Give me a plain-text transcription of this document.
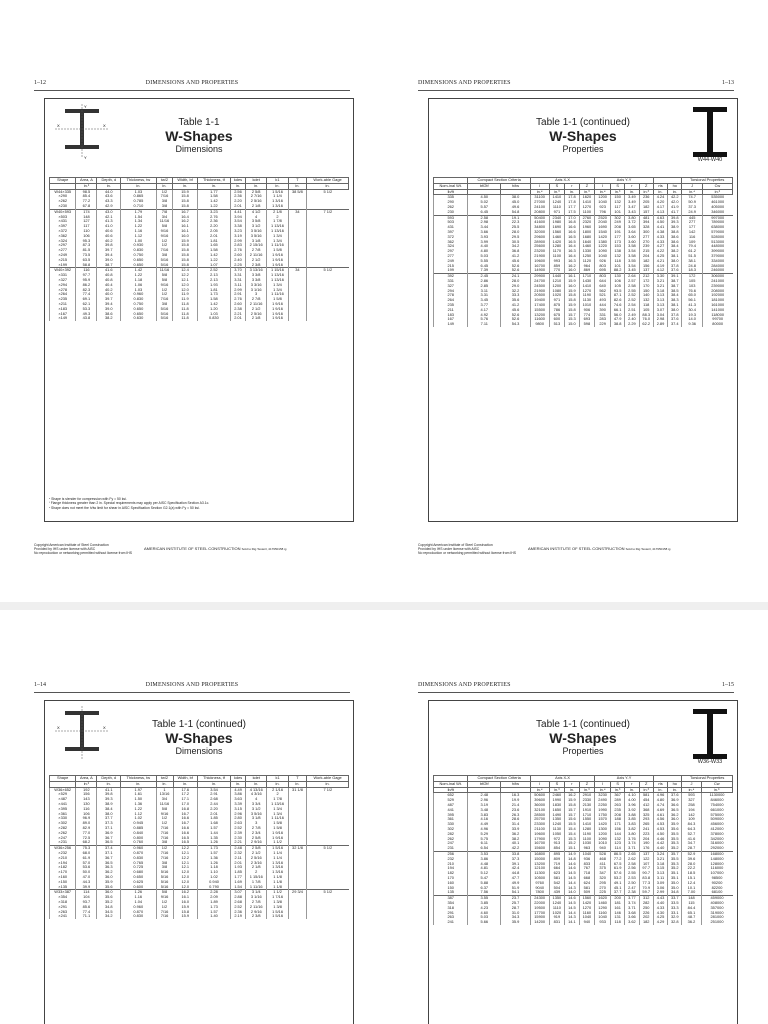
1–12	DIMENSIONS AND PROPERTIES
X	X
Y
Y
Table 1-1
W-Shapes
Dimensions
Shape	Area, A	Depth, d	Thickness, tw	tw/2	Width, bf	Thickness, tf	kdes	kdet	k1	T	Work-able Gage
	in.²	in.	in.	in.	in.	in.	in.	in.	in.	in.	in.
W44×335	98.5	44.0	1.03	1/2	15.9	1.77	2.56	2 5/8	1 5/16	38 5/8	5 1/2
×290	85.4	43.6	0.865	7/16	15.8	1.58	2.36	2 7/16	1 1/4		
×262	77.2	43.3	0.785	3/8	15.8	1.42	2.20	2 5/16	1 3/16		
×230	67.8	42.9	0.710	3/8	15.8	1.22	2.01	2 1/8	1 3/16		
W40×593	174	43.0	1.79	7/8	16.7	3.23	4.41	4 1/2	2 1/8	34	7 1/2
×503	148	42.1	1.54	3/4	16.4	2.76	3.94	4	2		
×431	127	41.3	1.34	11/16	16.2	2.36	3.54	3 5/8	1 7/8		
×397	117	41.0	1.22	5/8	16.1	2.20	3.38	3 1/2	1 13/16		
×372	110	40.6	1.16	9/16	16.1	2.05	3.23	3 5/16	1 13/16		
×362	106	40.6	1.12	9/16	16.0	2.01	3.19	3 5/16	1 3/4		
×324	95.3	40.2	1.00	1/2	15.9	1.81	2.99	3 1/8	1 3/4		
×297	87.3	39.8	0.930	1/2	15.8	1.65	2.83	2 15/16	1 11/16		
×277	81.5	39.7	0.830	7/16	15.8	1.58	2.76	2 7/8	1 5/8		
×249	73.5	39.4	0.750	3/8	15.8	1.42	2.60	2 11/16	1 9/16		
×215	63.5	39.0	0.650	5/16	15.8	1.22	2.40	2 1/2	1 9/16		
×199	58.8	38.7	0.650	5/16	15.8	1.07	2.25	2 3/8	1 9/16		
W40×392	116	41.6	1.42	11/16	12.4	2.52	3.70	3 13/16	1 15/16	34	5 1/2
×331	97.7	40.8	1.22	5/8	12.2	2.13	3.31	3 3/8	1 13/16		
×327	95.9	40.8	1.18	5/8	12.1	2.13	3.31	3 3/8	1 13/16		
×294	86.2	40.4	1.06	9/16	12.0	1.93	3.11	3 3/16	1 3/4		
×278	82.3	40.2	1.03	1/2	12.0	1.81	2.99	3 1/16	1 3/4		
×264	77.4	40.0	0.960	1/2	11.9	1.73	2.91	3	1 11/16		
×235	69.1	39.7	0.830	7/16	11.9	1.58	2.76	2 7/8	1 5/8		
×211	62.1	39.4	0.750	3/8	11.8	1.42	2.60	2 11/16	1 9/16		
×183	53.3	39.0	0.650	5/16	11.8	1.20	2.38	2 1/2	1 9/16		
×167	49.3	38.6	0.650	5/16	11.8	1.03	2.21	2 5/16	1 9/16		
×149	43.8	38.2	0.630	5/16	11.8	0.830	2.01	2 1/8	1 9/16		
ᶜ Shape is slender for compression with Fy = 50 ksi.
ᶠ Flange thickness greater than 2 in. Special requirements may apply per AISC Specification Section A3.1c.
ᵛ Shape does not meet the h/tw limit for shear in AISC Specification Section G2.1(a) with Fy = 50 ksi.
Copyright American Institute of Steel Construction
Provided by IHS under license with AISC
No reproduction or networking permitted without license from IHS
AMERICAN INSTITUTE OF STEEL CONSTRUCTION Sold to:Dig Testeril, 417950158 ig
DIMENSIONS AND PROPERTIES	1–13
W44-W40
Table 1-1 (continued)
W-Shapes
Properties
	Compact Section Criteria		Axis X-X				Axis Y-Y						Torsional Properties	
Nom-inal Wt.	bf/2tf	h/tw	I	S	r	Z	I	S	r	Z	rts	ho	J	Cw
lb/ft			in.⁴	in.³	in.	in.³	in.⁴	in.³	in.	in.³	in.	in.	in.⁴	in.⁶
335	4.50	38.0	31100	1410	17.8	1620	1200	150	3.49	236	4.24	42.2	74.7	535000
290	5.02	45.0	27000	1240	17.8	1410	1040	132	3.49	205	4.20	42.0	50.9	461000
262	5.57	49.6	24100	1110	17.7	1270	923	117	3.47	182	4.17	41.9	37.3	405000
230	6.45	54.8	20800	971	17.5	1100	796	101	3.43	157	4.13	41.7	24.9	346000
593	2.58	19.1	50400	2340	17.0	2760	2520	302	3.80	481	4.63	39.8	445	997000
503	2.98	22.3	41600	1980	16.8	2320	2040	249	3.72	394	4.50	39.3	277	789000
431	3.44	25.5	34800	1690	16.6	1960	1690	208	3.65	328	4.41	38.9	177	638000
397	3.66	28.0	32000	1560	16.6	1800	1540	191	3.64	300	4.38	38.8	142	579000
372	3.93	29.5	29600	1460	16.5	1680	1420	177	3.60	277	4.33	38.6	116	528000
362	3.99	30.5	28900	1420	16.5	1640	1380	173	3.60	270	4.33	38.6	109	513000
324	4.40	34.2	25600	1280	16.4	1460	1220	153	3.58	239	4.27	38.4	79.4	448000
297	4.80	36.8	23200	1170	16.3	1330	1090	138	3.54	215	4.22	38.2	61.2	399000
277	5.03	41.2	21900	1100	16.4	1250	1040	132	3.58	204	4.25	38.1	51.5	379000
249	5.55	45.6	19600	993	16.3	1120	926	118	3.55	182	4.21	38.0	38.1	334000
215	6.45	52.6	16700	859	16.2	964	803	101	3.54	156	4.19	37.8	24.8	284000
199	7.39	52.6	14900	770	16.0	869	695	88.2	3.45	137	4.12	37.6	18.3	246000
392	2.45	24.1	29900	1440	16.1	1710	803	130	2.64	212	3.30	39.1	172	306000
331	2.86	28.0	24700	1210	15.9	1430	644	106	2.57	172	3.21	38.7	105	241000
327	2.85	29.0	24500	1200	16.0	1410	640	105	2.58	170	3.21	38.7	103	239000
294	3.11	32.2	21900	1080	15.9	1270	562	93.5	2.55	150	3.18	38.5	76.6	208000
278	3.31	33.3	20500	1020	15.8	1190	521	87.1	2.52	140	3.13	38.4	65.0	192000
264	3.45	35.6	19400	971	15.8	1130	493	82.6	2.52	132	3.13	38.3	56.1	181000
235	3.77	41.2	17400	875	15.9	1010	444	74.6	2.54	118	3.13	38.1	41.3	161000
211	4.17	45.6	15500	786	15.8	906	390	66.1	2.51	105	3.07	38.0	30.4	141000
183	4.92	52.6	13200	675	15.7	774	331	56.0	2.49	88.3	3.04	37.8	19.3	118000
167	5.76	52.6	11600	600	15.3	693	283	47.9	2.40	76.0	2.98	37.6	14.0	99700
149	7.11	54.3	9800	513	15.0	598	229	38.8	2.29	62.2	2.89	37.4	9.36	80000
Copyright American Institute of Steel Construction
Provided by IHS under license with AISC
No reproduction or networking permitted without license from IHS
AMERICAN INSTITUTE OF STEEL CONSTRUCTION Sold to:Dig Testeril, 417950158 ig
1–14	DIMENSIONS AND PROPERTIES
X	X	Table 1-1 (continued)
W-Shapes
Dimensions
Shape	Area, A	Depth, d	Thickness, tw	tw/2	Width, bf	Thickness, tf	kdes	kdet	k1	T	Work-able Gage
	in.²	in.	in.	in.	in.	in.	in.	in.	in.	in.	in.
W36×652	192	41.1	1.97	1	17.6	3.54	4.49	4 13/16	2 1/16	31 1/8	7 1/2
×529	156	39.8	1.61	13/16	17.2	2.91	3.86	4 3/16	2		
×487	143	39.3	1.50	3/4	17.1	2.68	3.63	4	1 7/8		
×441	130	38.9	1.36	11/16	17.0	2.44	3.39	3 3/4	1 13/16		
×395	116	38.4	1.22	5/8	16.8	2.20	3.15	3 1/2	1 3/4		
×361	106	38.0	1.12	9/16	16.7	2.01	2.96	3 5/16	1 3/4		
×330	96.9	37.7	1.02	1/2	16.6	1.85	2.80	3 1/8	1 11/16		
×302	89.0	37.3	0.945	1/2	16.7	1.68	2.63	3	1 5/8		
×282	82.9	37.1	0.885	7/16	16.6	1.57	2.52	2 7/8	1 5/8		
×262	77.0	36.9	0.840	7/16	16.6	1.44	2.39	2 3/4	1 9/16		
×247	72.5	36.7	0.800	7/16	16.5	1.35	2.30	2 5/8	1 9/16		
×231	68.2	36.5	0.760	3/8	16.5	1.26	2.21	2 9/16	1 1/2		
W36×256	75.3	37.4	0.960	1/2	12.2	1.73	2.48	2 5/8	1 5/16	32 1/8	5 1/2
×232	68.0	37.1	0.870	7/16	12.1	1.57	2.32	2 1/2	1 1/4		
×210	61.9	36.7	0.830	7/16	12.2	1.36	2.11	2 5/16	1 1/4		
×194	57.0	36.5	0.765	3/8	12.1	1.26	2.01	2 3/16	1 3/16		
×182	53.6	36.3	0.725	3/8	12.1	1.18	1.93	2 1/8	1 3/16		
×170	50.0	36.2	0.680	5/16	12.0	1.10	1.85	2	1 3/16		
×160	47.0	36.0	0.650	5/16	12.0	1.02	1.77	1 15/16	1 1/8		
×150	44.3	35.9	0.625	5/16	12.0	0.940	1.69	1 7/8	1 1/8		
×135	39.9	35.6	0.600	5/16	12.0	0.790	1.54	1 11/16	1 1/8		
W33×387	114	36.0	1.26	5/8	16.2	2.28	3.07	3 1/4	1 1/2	29 3/4	5 1/2
×354	104	35.6	1.16	9/16	16.1	2.09	2.88	3 1/16	1 7/16		
×318	93.7	35.2	1.04	1/2	16.0	1.89	2.68	2 7/8	1 3/8		
×291	85.6	34.8	0.960	1/2	15.9	1.73	2.52	2 11/16	1 3/8		
×263	77.4	34.5	0.870	7/16	15.8	1.57	2.36	2 9/16	1 5/16		
×241	71.1	34.2	0.830	7/16	15.9	1.40	2.19	2 3/8	1 5/16		
DIMENSIONS AND PROPERTIES	1–15
W36-W33
Table 1-1 (continued)
W-Shapes
Properties
	Compact Section Criteria		Axis X-X				Axis Y-Y						Torsional Properties	
Nom-inal Wt.	bf/2tf	h/tw	I	S	r	Z	I	S	r	Z	rts	ho	J	Cw
lb/ft			in.⁴	in.³	in.	in.³	in.⁴	in.³	in.	in.³	in.	in.	in.⁴	in.⁶
652	2.48	16.3	50600	2460	16.2	2910	3230	367	4.10	581	4.96	37.6	593	1130000
529	2.96	19.9	39600	1990	15.9	2330	2490	289	4.00	454	4.80	36.9	327	846000
487	3.19	21.4	36000	1830	15.8	2130	2250	263	3.96	412	4.74	36.6	258	754000
441	3.48	23.6	32100	1650	15.7	1910	1990	235	3.92	368	4.69	36.5	194	661000
395	3.83	26.3	28500	1490	15.7	1710	1750	208	3.88	325	4.61	36.2	142	575000
361	4.16	28.6	25700	1350	15.6	1550	1570	188	3.85	293	4.56	36.0	109	509000
330	4.49	31.4	23300	1240	15.5	1410	1420	171	3.83	265	4.53	35.9	84.3	456000
302	4.96	33.9	21100	1130	15.4	1280	1300	156	3.82	241	4.53	35.6	64.3	412000
282	5.29	36.2	19600	1050	15.4	1190	1200	144	3.80	223	4.50	35.5	52.7	378000
262	5.75	38.2	17900	972	15.3	1100	1090	132	3.76	204	4.46	35.5	41.6	342000
247	6.11	40.1	16700	913	15.2	1030	1010	123	3.74	190	4.42	35.3	34.7	316000
231	6.54	42.2	15600	854	15.1	963	940	114	3.71	176	4.40	35.2	28.7	292000
256	3.53	33.8	16800	895	14.9	1040	528	86.5	2.65	137	3.24	35.7	52.9	168000
232	3.86	37.3	15000	809	14.8	936	468	77.2	2.62	122	3.21	35.5	39.6	148000
210	4.48	39.1	13200	719	14.6	833	411	67.5	2.58	107	3.18	35.3	28.0	128000
194	4.81	42.4	12100	664	14.6	767	375	61.9	2.56	97.7	3.15	35.2	22.2	116000
182	5.12	44.8	11300	623	14.5	718	347	57.6	2.55	90.7	3.13	35.1	18.5	107000
170	5.47	47.7	10500	581	14.5	668	320	53.2	2.53	83.8	3.11	35.1	15.1	98500
160	5.88	49.9	9760	542	14.4	624	295	49.1	2.50	77.3	3.09	35.0	12.4	90200
150	6.37	51.9	9040	504	14.3	581	270	45.1	2.47	70.9	3.06	35.0	10.1	82200
135	7.56	54.1	7800	439	14.0	509	225	37.7	2.38	59.7	2.99	34.8	7.00	68100
387	3.55	23.7	24300	1350	14.6	1560	1620	200	3.77	312	4.43	33.7	148	459000
354	3.85	25.7	22000	1240	14.5	1420	1460	181	3.74	282	4.40	33.5	115	408000
318	4.23	28.7	19500	1110	14.5	1270	1290	161	3.71	250	4.33	33.3	84.4	357000
291	4.60	31.0	17700	1020	14.4	1160	1160	146	3.68	226	4.30	33.1	65.1	319000
263	5.03	34.3	15900	919	14.3	1040	1040	131	3.66	202	4.25	32.9	48.7	281000
241	5.66	35.9	14200	831	14.1	940	933	118	3.62	182	4.29	32.8	36.2	251000
